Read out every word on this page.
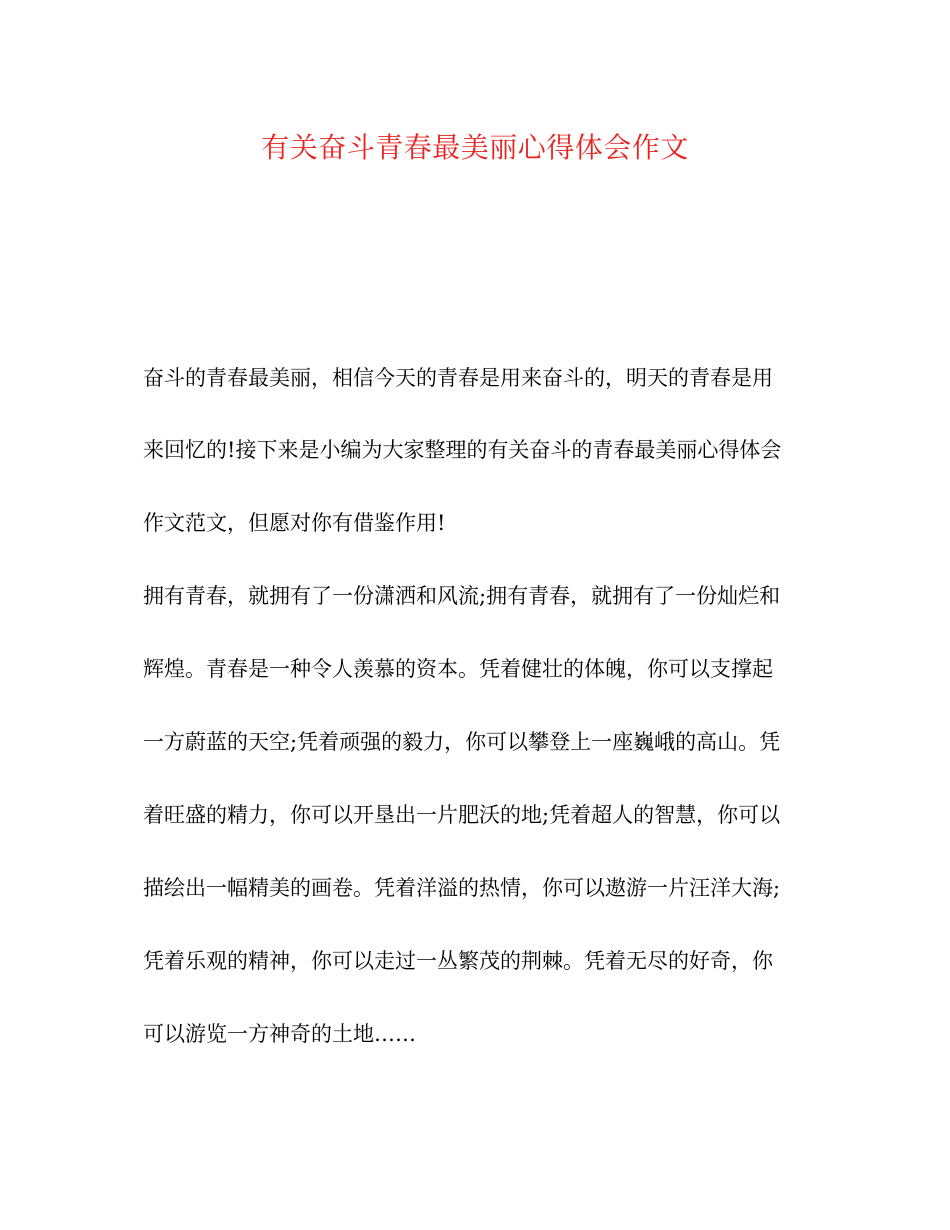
有关奋斗青春最美丽心得体会作文

奋斗的青春最美丽，相信今天的青春是用来奋斗的，明天的青春是用

来回忆的!接下来是小编为大家整理的有关奋斗的青春最美丽心得体会

作文范文，但愿对你有借鉴作用!

拥有青春，就拥有了一份潇洒和风流;拥有青春，就拥有了一份灿烂和

辉煌。青春是一种令人羡慕的资本。凭着健壮的体魄，你可以支撑起

一方蔚蓝的天空;凭着顽强的毅力，你可以攀登上一座巍峨的高山。凭

着旺盛的精力，你可以开垦出一片肥沃的地;凭着超人的智慧，你可以

描绘出一幅精美的画卷。凭着洋溢的热情，你可以遨游一片汪洋大海;

凭着乐观的精神，你可以走过一丛繁茂的荆棘。凭着无尽的好奇，你

可以游览一方神奇的土地……
